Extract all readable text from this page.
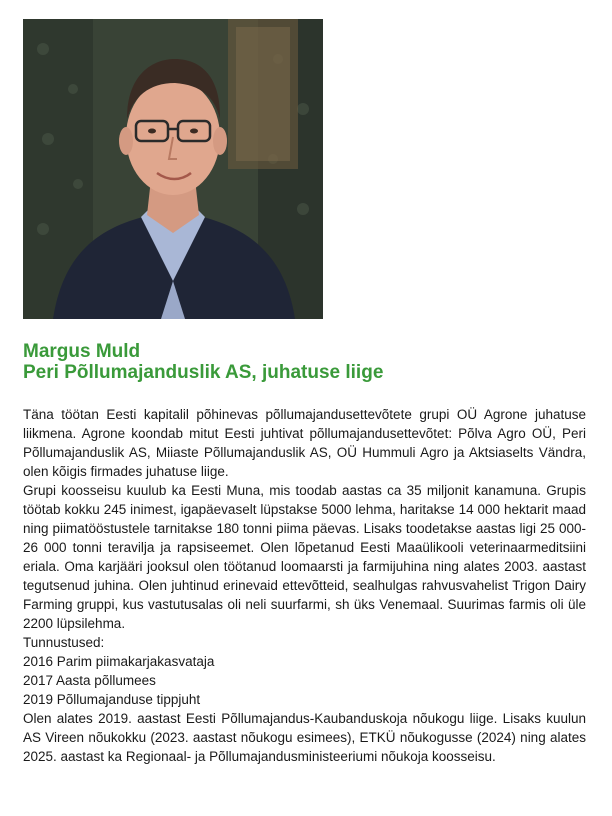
Margus Muld
Peri Põllumajanduslik AS, juhatuse liige

Täna töötan Eesti kapitalil põhinevas põllumajandusettevõtete grupi OÜ Agrone juhatuse liikmena. Agrone koondab mitut Eesti juhtivat põllumajandusettevõtet: Põlva Agro OÜ, Peri Põllumajanduslik AS, Miiaste Põllumajanduslik AS, OÜ Hummuli Agro ja Aktsiaselts Vändra, olen kõigis firmades juhatuse liige.

Grupi koosseisu kuulub ka Eesti Muna, mis toodab aastas ca 35 miljonit kanamuna. Grupis töötab kokku 245 inimest, igapäevaselt lüpstakse 5000 lehma, haritakse 14 000 hektarit maad ning piimatööstustele tarnitakse 180 tonni piima päevas. Lisaks toodetakse aastas ligi 25 000-26 000 tonni teravilja ja rapsiseemet. Olen lõpetanud Eesti Maaülikooli veterinaarmeditsiini eriala. Oma karjääri jooksul olen töötanud loomaarsti ja farmijuhina ning alates 2003. aastast tegutsenud juhina. Olen juhtinud erinevaid ettevõtteid, sealhulgas rahvusvahelist Trigon Dairy Farming gruppi, kus vastutusalas oli neli suurfarmi, sh üks Venemaal. Suurimas farmis oli üle 2200 lüpsilehma.

Tunnustused:
2016 Parim piimakarjakasvataja
2017 Aasta põllumees
2019 Põllumajanduse tippjuht

Olen alates 2019. aastast Eesti Põllumajandus-Kaubanduskoja nõukogu liige. Lisaks kuulun AS Vireen nõukokku (2023. aastast nõukogu esimees), ETKÜ nõukogusse (2024) ning alates 2025. aastast ka Regionaal- ja Põllumajandusministeeriumi nõukoja koosseisu.
